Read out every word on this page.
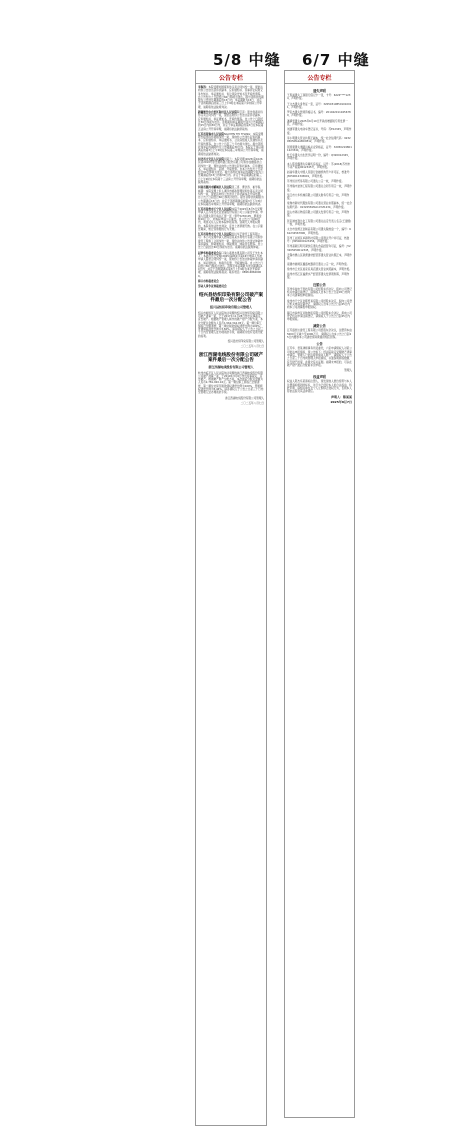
5/8 中缝 6/7 中缝
公告专栏
李海涛：本院受理刘国富诉你买卖合同纠纷一案，现依法向你公告送达起诉状副本、应诉通知书、民事诉讼权利义务告知书、举证通知书、诉讼风险告知书及开庭传票等。自公告发出之日起经过60日即视为送达。提出答辩状的期限为公告送达期满后的15日内，举证期限为15日，并定于答辩期满后的第三日上午9时在本院第六审判庭公开审理，逾期将依法缺席判决。
新疆维吾尔自治区和田县人民法院陶卫萍：原告詹春远诉你买卖合同纠纷一案，现依法向你公告送达起诉状副本、应诉通知书、举证通知书、开庭传票等。自公告之日起经过30日即视为送达。答辩期和举证期限分别为公告期满后的15日内和30日内，并定于举证期满后的第3日在本院第五法庭公开开庭审理，逾期将依法缺席裁判。
江苏省常熟市人民法院NGUYEN THI THANG：本院受理原告程伟诉你离婚纠纷一案，现向你公告送达起诉状副本、应诉通知书、举证通知书、合议庭组成人员通知书及开庭传票等。自公告之日起三个月内视为送达。提出答辩状和举证的期限均为公告期满后30日内。本院定于举证期满后的第3日上午9时在本院第三审判庭公开开庭审理，逾期将依法缺席判决。
河北省文安县人民法院何菊兰：本院受理(2025)冀1026民初2019号原告廊坊银行股份有限公司诉你金融借款合同纠纷一案，现依法向你公告送达起诉状副本、应诉通知书、举证通知书、证据、开庭传票。自本公告发出之日起经过60日即视为送达。提出答辩状和举证的期限分别为公告期满后的15日内和30日内。并定于举证期满后的第三日上午9时在本院第十三法庭公开开庭审理，逾期将依法缺席裁判。
河南省漯河市郾城区人民法院张三喜、曹洪涛、崔学春、崔超：本院受理上诉人漯河市邮政管理局诉你等买卖合同纠纷一案，现依法向你公告送达上诉状副本及开庭传票。自公告之日起经过60日即视为送达。提出答辩状的期限为公告期满后15日内，并定于答辩期满后的第3日下午3时在本院第四审判庭公开开庭审理，逾期将依法缺席判决。
江苏省常州市天宁区人民法院本院于2025年8月5日受理申请人江苏常发农业装备股份有限公司公示催告申请，申请人因遗失银行承兑汇票一张（票号5230105，票面金额10万元），向本院申请公示催告。自公告之日起60日内，利害关系人应向本院申报权利。到期无人申报权利的，本院将依法作出判决，宣告上述票据无效。在公示催告期间，转让该票据的行为无效。
江苏省常州市天宁区人民法院四川华艺建设工程有限公司：本公司受理申请人德保县某某水利电力有限公司诉你建设工程施工合同纠纷一案，现依法向你公告送达仲裁申请书副本、仲裁通知书、仲裁规则、仲裁员名册等。自公告之日起经过60日即视为送达。逾期将依法缺席仲裁。
屈梦华仲裁委员会海口景山春晨水果有限公司及王先生本人：本委员会已受理(2025)海仲案字第16号申请人与被申请人借款合同纠纷一案，现向你公告送达仲裁申请书副本、举证通知书、仲裁员名册、开庭通知等。自公告之日起经过30日即视为送达。答辩及举证期限为送达期满后10日内，并定于答辩期满后第3日上午9时在本会开庭审理，逾期将依法缺席裁决。联系电话：0898-68600000。
海口市仲裁委员会
劳动人事争议仲裁委员会
绍兴县纺织印染有限公司破产案件最后一次分配公告
绍兴县纺织印染有限公司管理人
绍兴市柯桥区人民法院依法审理的绍兴县纺织印染有限公司破产清算一案，已于2017年11月28日作出民事裁定，宣告破产。根据破产管理人制作的破产财产分配方案，本次分配总金额为人民币1,562,344.05元。第一顺位职工债权已全额清偿；第二顺位税款债权清偿比例为100%；普通债权清偿比例为3.82%。请各债权人于公告之日起三十日内至管理人处办理领款手续，逾期视为放弃受领分配的权利。
绍兴县纺织印染有限公司管理人
二〇二五年八月七日
浙江西湖电线股份有限公司破产案件最后一次分配公告
浙江西湖电线股份有限公司管理人
杭州市临平区人民法院依法审理的浙江西湖电线股份有限公司破产清算一案，于2019年3月6日作出民事裁定，宣告破产。根据破产财产分配方案，本次最后分配总金额为人民币2,781,920.16元。第一顺位职工债权已全额清偿，第二顺位社保及税款债权清偿比例为100%，普通债权清偿比例为5.46%。请各债权人于公告之日起三十日内至管理人处办理领款手续。
浙江西湖电线股份有限公司管理人
二〇二五年八月七日
公告专栏
遗失声明
王思涵遗失工商银行借记卡一张，卡号：6222****1234，声明作废。
王文杰遗失身份证一张，证号：320503198501010011，声明作废。
罗家杰遗失医师资格证书，编号：2010420110456789，声明作废。
潘倩雯遗失2025年6月10日开具的增值税专用发票一张，声明作废。
刘建军遗失电动车登记证书，号码：苏E12345，声明作废。
李小明遗失营业执照正副本，统一社会信用代码：92320505MA1ABCDE12，声明作废。
张国强遗失道路运输从业资格证，证号：320502198011223344，声明作废。
杜玉华遗失出生医学证明一份，编号：Q320012345，声明作废。
本人陈佳璐遗失房屋所有权证，证号：苏(2018)苏州市不动产权第0012345号，声明作废。
赵丽华遗失中国人民银行金融机构开户许可证，核准号：J3050012345601，声明作废。
苏州恒达贸易有限公司遗失公章一枚，声明作废。
苏州瑞丰装饰工程有限公司遗失合同专用章一枚，声明作废。
吴江市大华机械有限公司遗失财务专用章一枚，声明作废。
常熟市新时代服装有限公司遗失营业执照副本，统一社会信用代码：91320581MA1XYZ1234，声明作废。
昆山市鸿运物流有限公司遗失发票专用章一枚，声明作废。
张家港市利达化工有限公司遗失法定代表人名章(王建国)一枚，声明作废。
太仓市金源五金制品有限公司遗失税控盘一个，编号：661234567890，声明作废。
苏州工业园区卓越科技有限公司遗失开户许可证，核准号：J3054000123456，声明作废。
苏州高新区明月餐饮店遗失食品经营许可证，编号：JY23205050012345，声明作废。
无锡市惠山区新源建材经营部遗失营业执照正本，声明作废。
南通市港闸区鑫盛电器商行遗失公章一枚，声明作废。
徐州市云龙区美家家具店遗失营业执照副本，声明作废。
扬州市邗江区福源水产经营部遗失发票领购簿，声明作废。
注销公告
苏州华信电子科技有限公司经股东会决议，拟向公司登记机关申请注销登记，请债权人自本公告之日起45日内向本公司清算组申报债权。
常州市天宁区金辉贸易有限公司经股东决定，拟向公司登记机关申请注销登记，请债权人自本公告之日起45日内向本公司清算组申报债权。
镇江市润州区远航物流有限公司经股东会决议，拟向公司登记机关申请注销登记，请债权人于公告之日起45日内申报债权。
减资公告
江苏盛世达建设工程有限公司经股东会决议，注册资本由5000万元减少至1000万元，请债权人自本公告之日起45日内要求本公司清偿债务或提供相应担保。
公告
江苏华、君某律师事务所受委托，六家申请债权人对某公司依法申报债权，现公告如下：经法院裁定受理破产清算申请后，管理人已依法接管债务人财产，请债权人于公告之日起三十日内向管理人申报债权，书面说明债权数额、有无财产担保，并提交有关证据。逾期未申报的，可以在破产财产最后分配前补充申报。
管理人
权益声明
权益人陈杰系某商标注册人，现发现他人擅自使用与本人注册商标相同的标识，该行为已侵犯本人的合法权益，特此声明，请相关单位及个人立即停止侵权行为，否则本人将依法追究其法律责任。
声明人：陈某某
2025年8月7日
